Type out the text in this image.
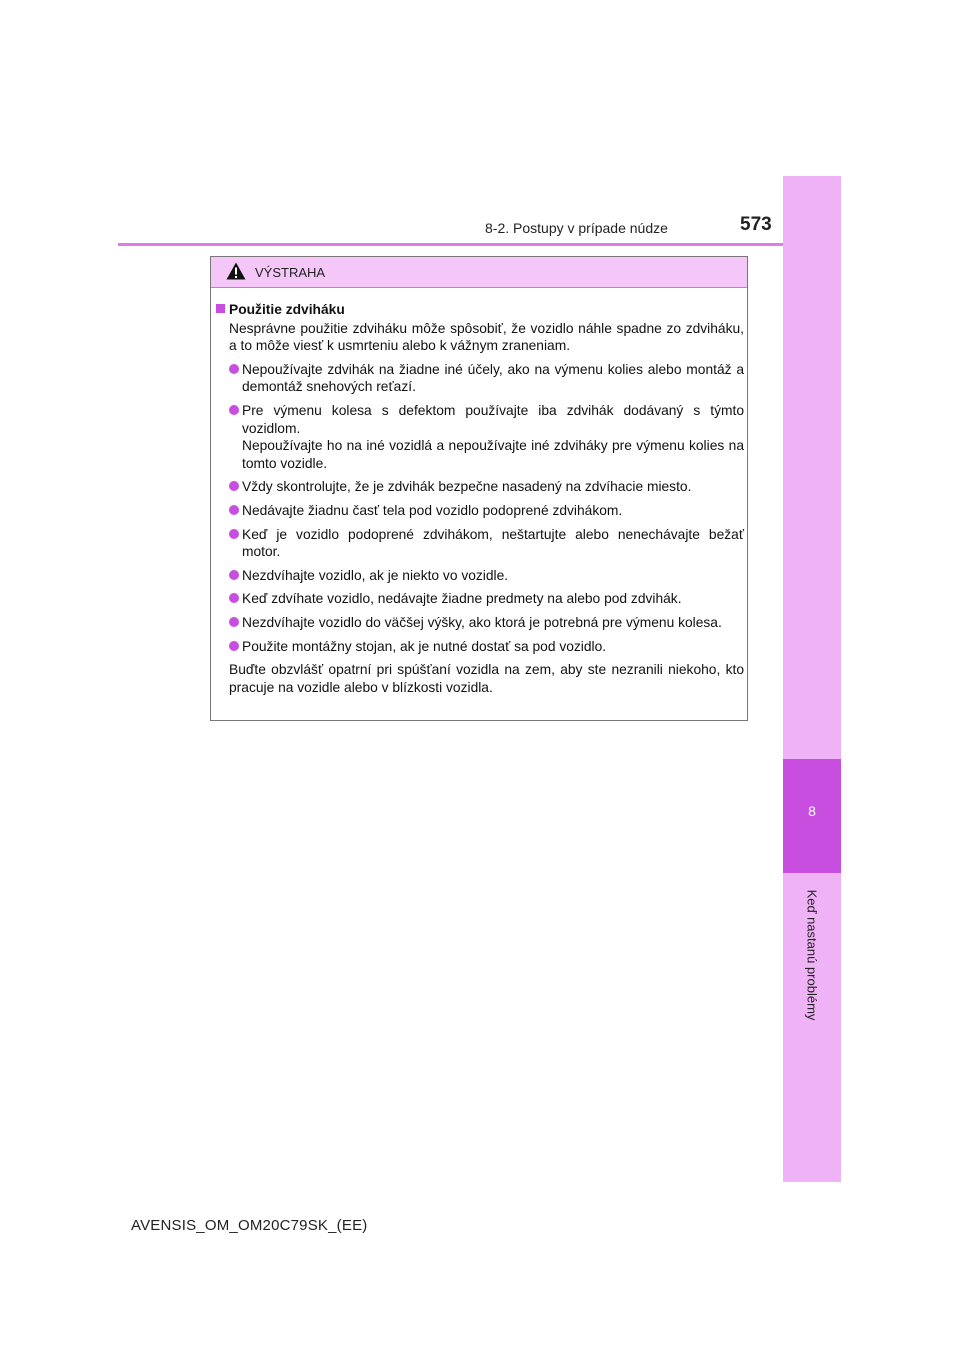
8-2. Postupy v prípade núdze	573
8
Keď nastanú problémy
VÝSTRAHA
Použitie zdviháku
Nesprávne použitie zdviháku môže spôsobiť, že vozidlo náhle spadne zo zdviháku, a to môže viesť k usmrteniu alebo k vážnym zraneniam.
Nepoužívajte zdvihák na žiadne iné účely, ako na výmenu kolies alebo montáž a demontáž snehových reťazí.
Pre výmenu kolesa s defektom používajte iba zdvihák dodávaný s týmto vozidlom.
Nepoužívajte ho na iné vozidlá a nepoužívajte iné zdviháky pre výmenu kolies na tomto vozidle.
Vždy skontrolujte, že je zdvihák bezpečne nasadený na zdvíhacie miesto.
Nedávajte žiadnu časť tela pod vozidlo podoprené zdvihákom.
Keď je vozidlo podoprené zdvihákom, neštartujte alebo nenechávajte bežať motor.
Nezdvíhajte vozidlo, ak je niekto vo vozidle.
Keď zdvíhate vozidlo, nedávajte žiadne predmety na alebo pod zdvihák.
Nezdvíhajte vozidlo do väčšej výšky, ako ktorá je potrebná pre výmenu kolesa.
Použite montážny stojan, ak je nutné dostať sa pod vozidlo.
Buďte obzvlášť opatrní pri spúšťaní vozidla na zem, aby ste nezranili niekoho, kto pracuje na vozidle alebo v blízkosti vozidla.
AVENSIS_OM_OM20C79SK_(EE)
